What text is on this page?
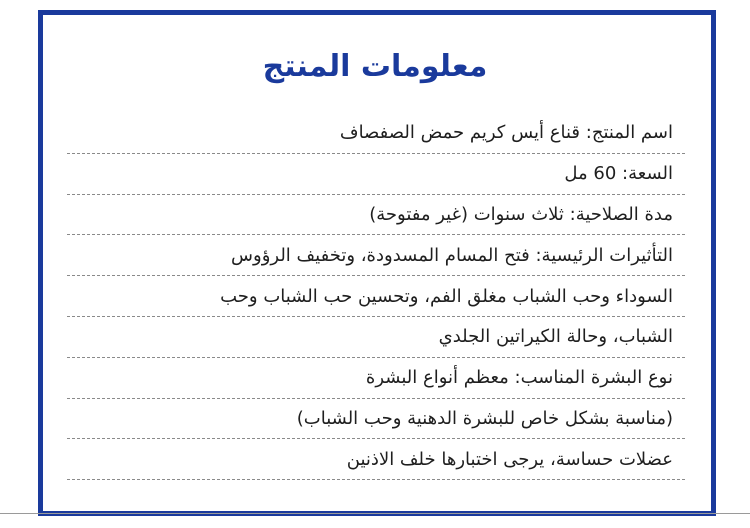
معلومات المنتج
اسم المنتج: قناع أيس كريم حمض الصفصاف
السعة: 60 مل
مدة الصلاحية: ثلاث سنوات (غير مفتوحة)
التأثيرات الرئيسية: فتح المسام المسدودة، وتخفيف الرؤوس
السوداء وحب الشباب مغلق الفم، وتحسين حب الشباب وحب
الشباب، وحالة الكيراتين الجلدي
نوع البشرة المناسب: معظم أنواع البشرة
(مناسبة بشكل خاص للبشرة الدهنية وحب الشباب)
عضلات حساسة، يرجى اختبارها خلف الاذنين
